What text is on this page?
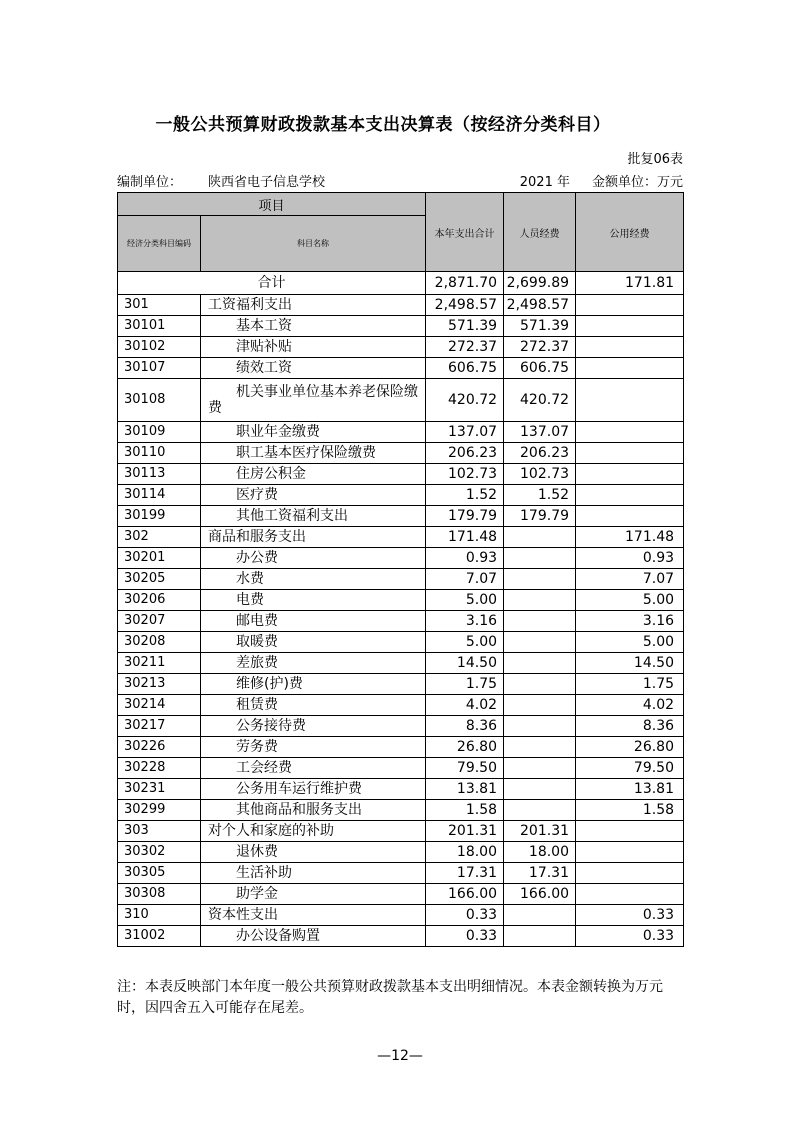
一般公共预算财政拨款基本支出决算表（按经济分类科目）
批复06表
编制单位： 陕西省电子信息学校	2021 年 金额单位：万元
项目		本年支出合计	人员经费	公用经费
经济分类科目编码	科目名称			
合计		2,871.70	2,699.89	171.81
301	工资福利支出	2,498.57	2,498.57	
30101	基本工资	571.39	571.39	
30102	津贴补贴	272.37	272.37	
30107	绩效工资	606.75	606.75	
30108	机关事业单位基本养老保险缴费	420.72	420.72	
30109	职业年金缴费	137.07	137.07	
30110	职工基本医疗保险缴费	206.23	206.23	
30113	住房公积金	102.73	102.73	
30114	医疗费	1.52	1.52	
30199	其他工资福利支出	179.79	179.79	
302	商品和服务支出	171.48		171.48
30201	办公费	0.93		0.93
30205	水费	7.07		7.07
30206	电费	5.00		5.00
30207	邮电费	3.16		3.16
30208	取暖费	5.00		5.00
30211	差旅费	14.50		14.50
30213	维修(护)费	1.75		1.75
30214	租赁费	4.02		4.02
30217	公务接待费	8.36		8.36
30226	劳务费	26.80		26.80
30228	工会经费	79.50		79.50
30231	公务用车运行维护费	13.81		13.81
30299	其他商品和服务支出	1.58		1.58
303	对个人和家庭的补助	201.31	201.31	
30302	退休费	18.00	18.00	
30305	生活补助	17.31	17.31	
30308	助学金	166.00	166.00	
310	资本性支出	0.33		0.33
31002	办公设备购置	0.33		0.33
注：本表反映部门本年度一般公共预算财政拨款基本支出明细情况。本表金额转换为万元时，因四舍五入可能存在尾差。
—12—
